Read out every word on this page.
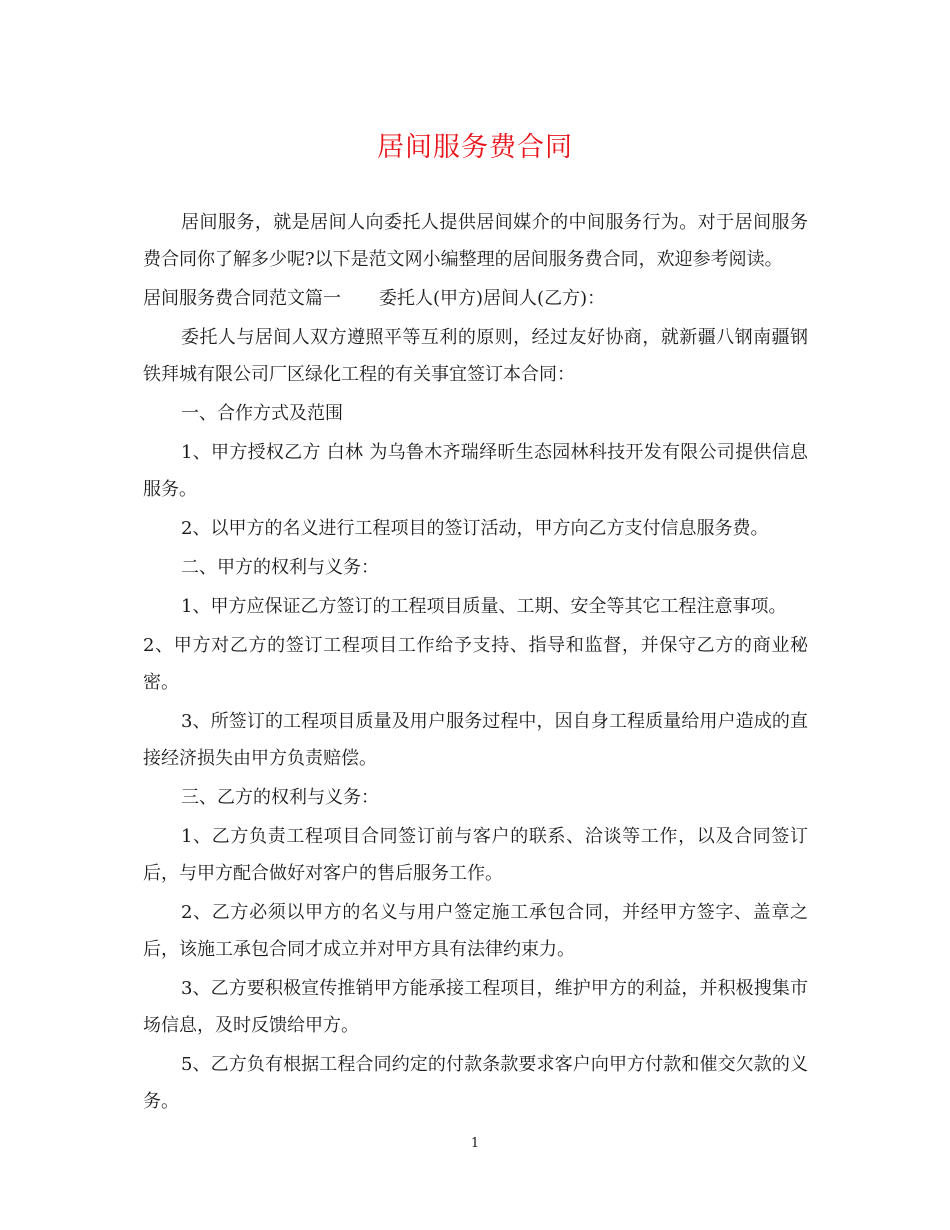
居间服务费合同

居间服务，就是居间人向委托人提供居间媒介的中间服务行为。对于居间服务费合同你了解多少呢?以下是范文网小编整理的居间服务费合同，欢迎参考阅读。

居间服务费合同范文篇一 委托人(甲方)居间人(乙方)：

委托人与居间人双方遵照平等互利的原则，经过友好协商，就新疆八钢南疆钢铁拜城有限公司厂区绿化工程的有关事宜签订本合同：

一、合作方式及范围

1、甲方授权乙方 白林 为乌鲁木齐瑞绎昕生态园林科技开发有限公司提供信息服务。

2、以甲方的名义进行工程项目的签订活动，甲方向乙方支付信息服务费。

二、甲方的权利与义务：

1、甲方应保证乙方签订的工程项目质量、工期、安全等其它工程注意事项。

2、甲方对乙方的签订工程项目工作给予支持、指导和监督，并保守乙方的商业秘密。

3、所签订的工程项目质量及用户服务过程中，因自身工程质量给用户造成的直接经济损失由甲方负责赔偿。

三、乙方的权利与义务：

1、乙方负责工程项目合同签订前与客户的联系、洽谈等工作，以及合同签订后，与甲方配合做好对客户的售后服务工作。

2、乙方必须以甲方的名义与用户签定施工承包合同，并经甲方签字、盖章之后，该施工承包合同才成立并对甲方具有法律约束力。

3、乙方要积极宣传推销甲方能承接工程项目，维护甲方的利益，并积极搜集市场信息，及时反馈给甲方。

5、乙方负有根据工程合同约定的付款条款要求客户向甲方付款和催交欠款的义务。

1
